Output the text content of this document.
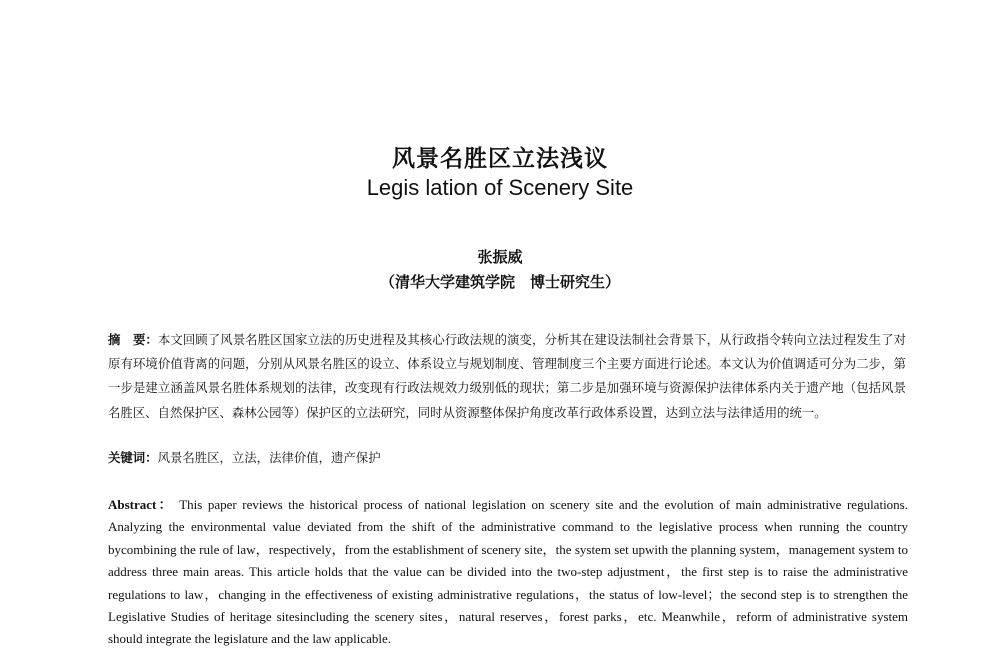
风景名胜区立法浅议
Legis lation of Scenery Site
张振威
（清华大学建筑学院　博士研究生）
摘　要：本文回顾了风景名胜区国家立法的历史进程及其核心行政法规的演变，分析其在建设法制社会背景下，从行政指令转向立法过程发生了对原有环境价值背离的问题，分别从风景名胜区的设立、体系设立与规划制度、管理制度三个主要方面进行论述。本文认为价值调适可分为二步，第一步是建立涵盖风景名胜体系规划的法律，改变现有行政法规效力级别低的现状；第二步是加强环境与资源保护法律体系内关于遗产地（包括风景名胜区、自然保护区、森林公园等）保护区的立法研究，同时从资源整体保护角度改革行政体系设置，达到立法与法律适用的统一。
关键词：风景名胜区，立法，法律价值，遗产保护
Abstract： This paper reviews the historical process of national legislation on scenery site and the evolution of main administrative regulations. Analyzing the environmental value deviated from the shift of the administrative command to the legislative process when running the country bycombining the rule of law，respectively，from the establishment of scenery site，the system set upwith the planning system，management system to address three main areas. This article holds that the value can be divided into the two-step adjustment，the first step is to raise the administrative regulations to law，changing in the effectiveness of existing administrative regulations，the status of low-level；the second step is to strengthen the Legislative Studies of heritage sitesincluding the scenery sites，natural reserves，forest parks，etc. Meanwhile，reform of administrative system should integrate the legislature and the law applicable.
